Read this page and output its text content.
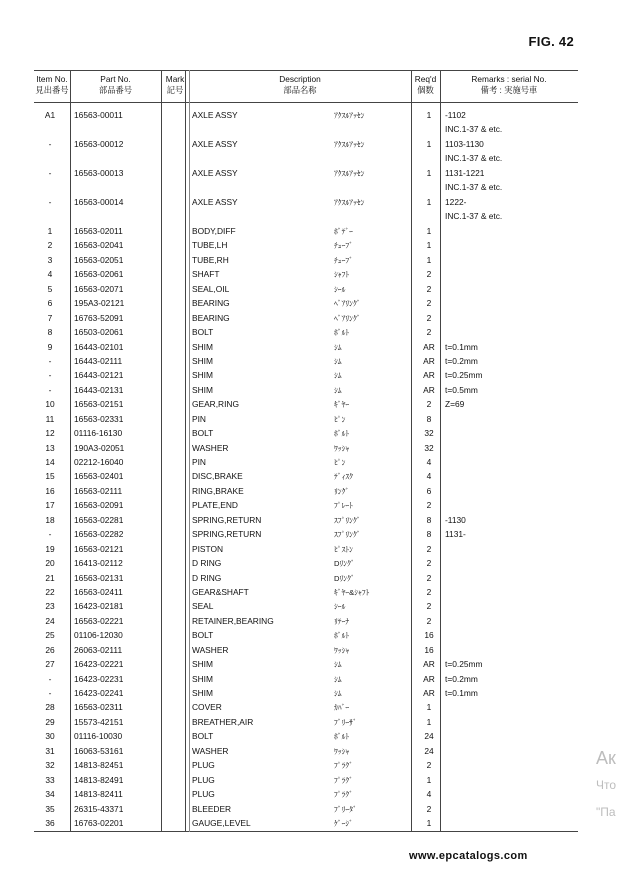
FIG. 42
Item No.
見出番号
Part No.
部品番号
Mark
記号
Description
部品名称
Req'd
個数
Remarks : serial No.
備考 : 実施号車
A1	16563-00011	AXLE ASSY	ｱｸｽﾙｱｯｾﾝ	1	-1102
INC.1-37 & etc.
-	16563-00012	AXLE ASSY	ｱｸｽﾙｱｯｾﾝ	1	1103-1130
INC.1-37 & etc.
-	16563-00013	AXLE ASSY	ｱｸｽﾙｱｯｾﾝ	1	1131-1221
INC.1-37 & etc.
-	16563-00014	AXLE ASSY	ｱｸｽﾙｱｯｾﾝ	1	1222-
INC.1-37 & etc.
1	16563-02011	BODY,DIFF	ﾎﾞﾃﾞｰ	1
2	16563-02041	TUBE,LH	ﾁｭｰﾌﾞ	1
3	16563-02051	TUBE,RH	ﾁｭｰﾌﾞ	1
4	16563-02061	SHAFT	ｼｬﾌﾄ	2
5	16563-02071	SEAL,OIL	ｼｰﾙ	2
6	195A3-02121	BEARING	ﾍﾞｱﾘﾝｸﾞ	2
7	16763-52091	BEARING	ﾍﾞｱﾘﾝｸﾞ	2
8	16503-02061	BOLT	ﾎﾞﾙﾄ	2
9	16443-02101	SHIM	ｼﾑ	AR	t=0.1mm
-	16443-02111	SHIM	ｼﾑ	AR	t=0.2mm
-	16443-02121	SHIM	ｼﾑ	AR	t=0.25mm
-	16443-02131	SHIM	ｼﾑ	AR	t=0.5mm
10	16563-02151	GEAR,RING	ｷﾞﾔｰ	2	Z=69
11	16563-02331	PIN	ﾋﾟﾝ	8
12	01116-16130	BOLT	ﾎﾞﾙﾄ	32
13	190A3-02051	WASHER	ﾜｯｼｬ	32
14	02212-16040	PIN	ﾋﾟﾝ	4
15	16563-02401	DISC,BRAKE	ﾃﾞｨｽｸ	4
16	16563-02111	RING,BRAKE	ﾘﾝｸﾞ	6
17	16563-02091	PLATE,END	ﾌﾟﾚｰﾄ	2
18	16563-02281	SPRING,RETURN	ｽﾌﾟﾘﾝｸﾞ	8	-1130
-	16563-02282	SPRING,RETURN	ｽﾌﾟﾘﾝｸﾞ	8	1131-
19	16563-02121	PISTON	ﾋﾟｽﾄﾝ	2
20	16413-02112	D RING	Dﾘﾝｸﾞ	2
21	16563-02131	D RING	Dﾘﾝｸﾞ	2
22	16563-02411	GEAR&SHAFT	ｷﾞﾔｰ&ｼｬﾌﾄ	2
23	16423-02181	SEAL	ｼｰﾙ	2
24	16563-02221	RETAINER,BEARING	ﾘﾃｰﾅ	2
25	01106-12030	BOLT	ﾎﾞﾙﾄ	16
26	26063-02111	WASHER	ﾜｯｼｬ	16
27	16423-02221	SHIM	ｼﾑ	AR	t=0.25mm
-	16423-02231	SHIM	ｼﾑ	AR	t=0.2mm
-	16423-02241	SHIM	ｼﾑ	AR	t=0.1mm
28	16563-02311	COVER	ｶﾊﾞｰ	1
29	15573-42151	BREATHER,AIR	ﾌﾞﾘｰｻﾞ	1
30	01116-10030	BOLT	ﾎﾞﾙﾄ	24
31	16063-53161	WASHER	ﾜｯｼｬ	24
32	14813-82451	PLUG	ﾌﾟﾗｸﾞ	2
33	14813-82491	PLUG	ﾌﾟﾗｸﾞ	1
34	14813-82411	PLUG	ﾌﾟﾗｸﾞ	4
35	26315-43371	BLEEDER	ﾌﾞﾘｰﾀﾞ	2
36	16763-02201	GAUGE,LEVEL	ｹﾞｰｼﾞ	1
Ак
Что
"Па
www.epcatalogs.com
